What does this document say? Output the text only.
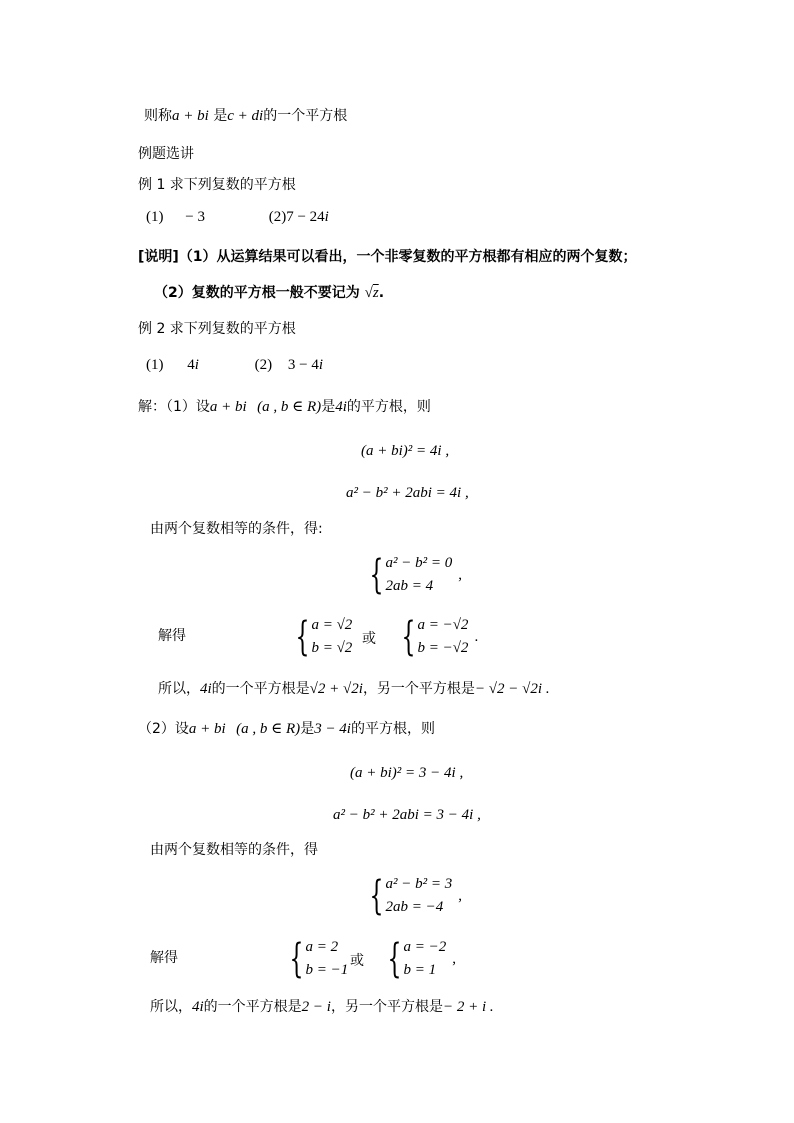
则称a + bi 是c + di的一个平方根
例题选讲
例 1 求下列复数的平方根
(1) − 3	(2)7 − 24i
[说明]（1）从运算结果可以看出，一个非零复数的平方根都有相应的两个复数；
（2）复数的平方根一般不要记为 √z.
例 2 求下列复数的平方根
(1) 4i	(2) 3 − 4i
解：（1）设a + bi (a , b ∈ R)是4i的平方根，则
(a + bi)² = 4i ,
a² − b² + 2abi = 4i ,
由两个复数相等的条件，得:
{ a² − b² = 0
2ab = 4
,
解得	{ a = √2
b = √2
或 { a = −√2
b = −√2
.
所以，4i的一个平方根是√2 + √2i，另一个平方根是− √2 − √2i .
（2）设a + bi (a , b ∈ R)是3 − 4i的平方根，则
(a + bi)² = 3 − 4i ,
a² − b² + 2abi = 3 − 4i ,
由两个复数相等的条件，得
{ a² − b² = 3
2ab = −4
,
解得	{ a = 2
b = −1
或 { a = −2
b = 1
,
所以，4i的一个平方根是2 − i，另一个平方根是− 2 + i .
